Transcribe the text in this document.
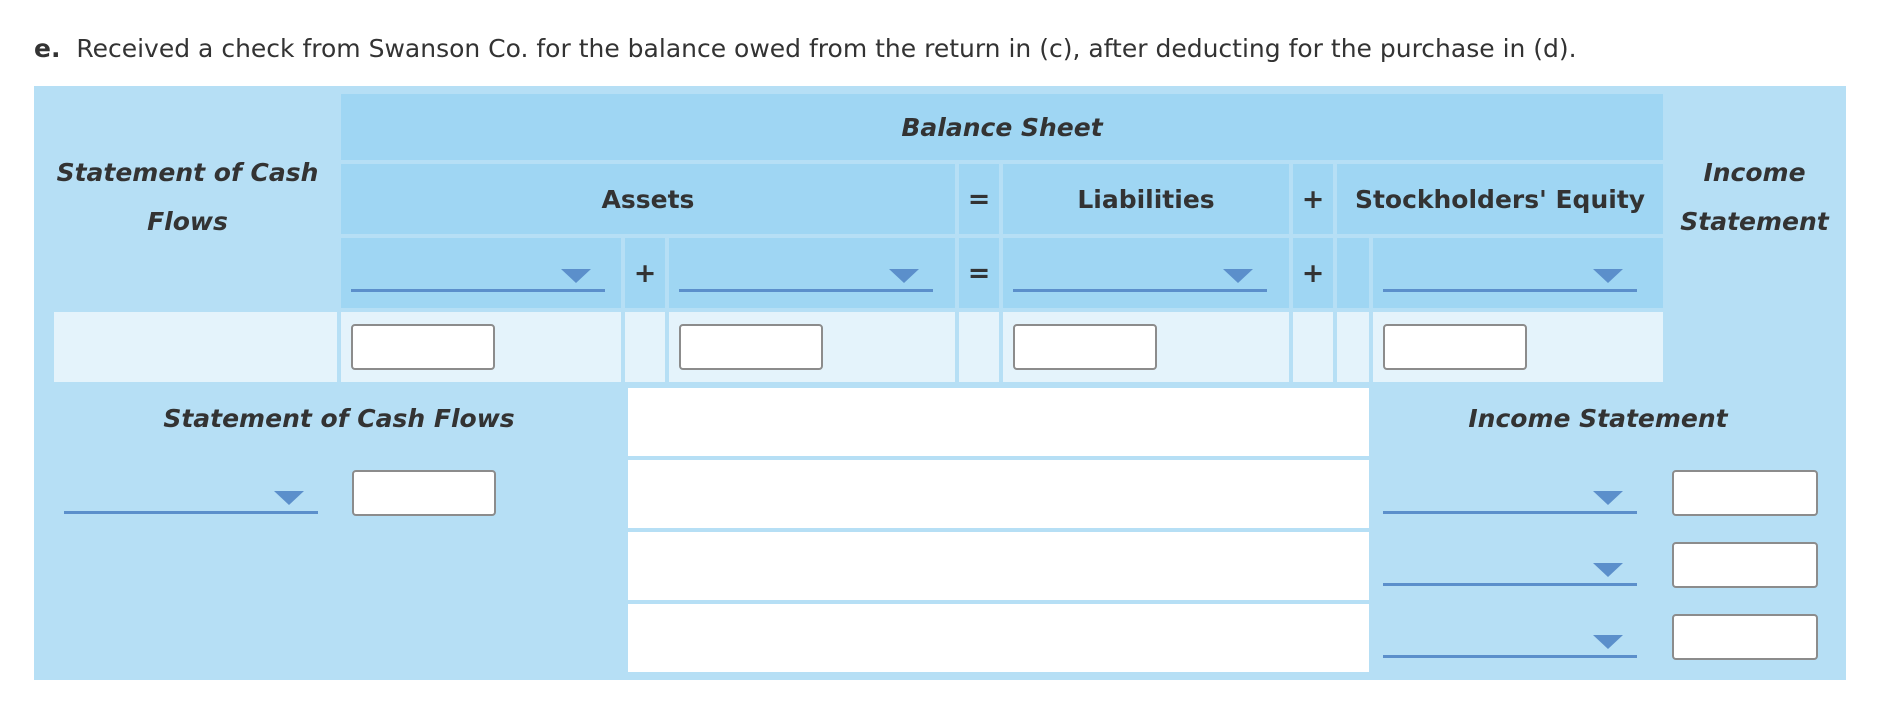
e. Received a check from Swanson Co. for the balance owed from the return in (c), after deducting for the purchase in (d).
Statement of Cash Flows
Balance Sheet
Income Statement
Assets	=	Liabilities	+ Stockholders' Equity
+	=	+
Statement of Cash Flows	Income Statement
